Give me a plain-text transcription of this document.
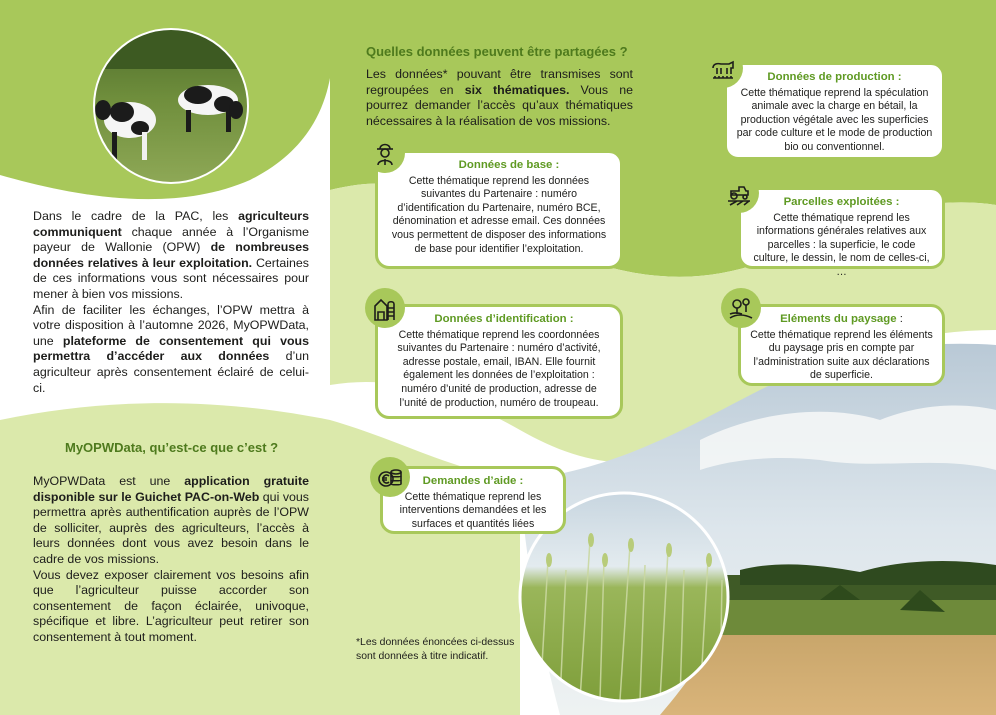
Dans le cadre de la PAC, les agriculteurs communiquent chaque année à l’Organisme payeur de Wallonie (OPW) de nombreuses données relatives à leur exploitation. Certaines de ces informations vous sont nécessaires pour mener à bien vos missions.

Afin de faciliter les échanges, l’OPW mettra à votre disposition à l’automne 2026, MyOPWData, une plateforme de consentement qui vous permettra d’accéder aux données d’un agriculteur après consentement éclairé de celui-ci.

MyOPWData, qu’est-ce que c’est ?

MyOPWData est une application gratuite disponible sur le Guichet PAC-on-Web qui vous permettra après authentification auprès de l’OPW de solliciter, auprès des agriculteurs, l’accès à leurs données dont vous avez besoin dans le cadre de vos missions.

Vous devez exposer clairement vos besoins afin que l’agriculteur puisse accorder son consentement de façon éclairée, univoque, spécifique et libre. L’agriculteur peut retirer son consentement à tout moment.

Quelles données peuvent être partagées ?

Les données* pouvant être transmises sont regroupées en six thématiques. Vous ne pourrez demander l’accès qu’aux thématiques nécessaires à la réalisation de vos missions.

Données de base :
Cette thématique reprend les données suivantes du Partenaire : numéro d’identification du Partenaire, numéro BCE, dénomination et adresse email. Ces données vous permettent de disposer des informations de base pour identifier l’exploitation.
Données d’identification :
Cette thématique reprend les coordonnées suivantes du Partenaire : numéro d’activité, adresse postale, email, IBAN. Elle fournit également les données de l’exploitation : numéro d’unité de production, adresse de l’unité de production, numéro de troupeau.
Demandes d’aide :
Cette thématique reprend les interventions demandées et les surfaces et quantités liées
Données de production :
Cette thématique reprend la spéculation animale avec la charge en bétail, la production végétale avec les superficies par code culture et le mode de production bio ou conventionnel.
Parcelles exploitées :
Cette thématique reprend les informations générales relatives aux parcelles : la superficie, le code culture, le dessin, le nom de celles-ci, …
Eléments du paysage :
Cette thématique reprend les éléments du paysage pris en compte par l’administration suite aux déclarations de superficie.
*Les données énoncées ci-dessus sont données à titre indicatif.
